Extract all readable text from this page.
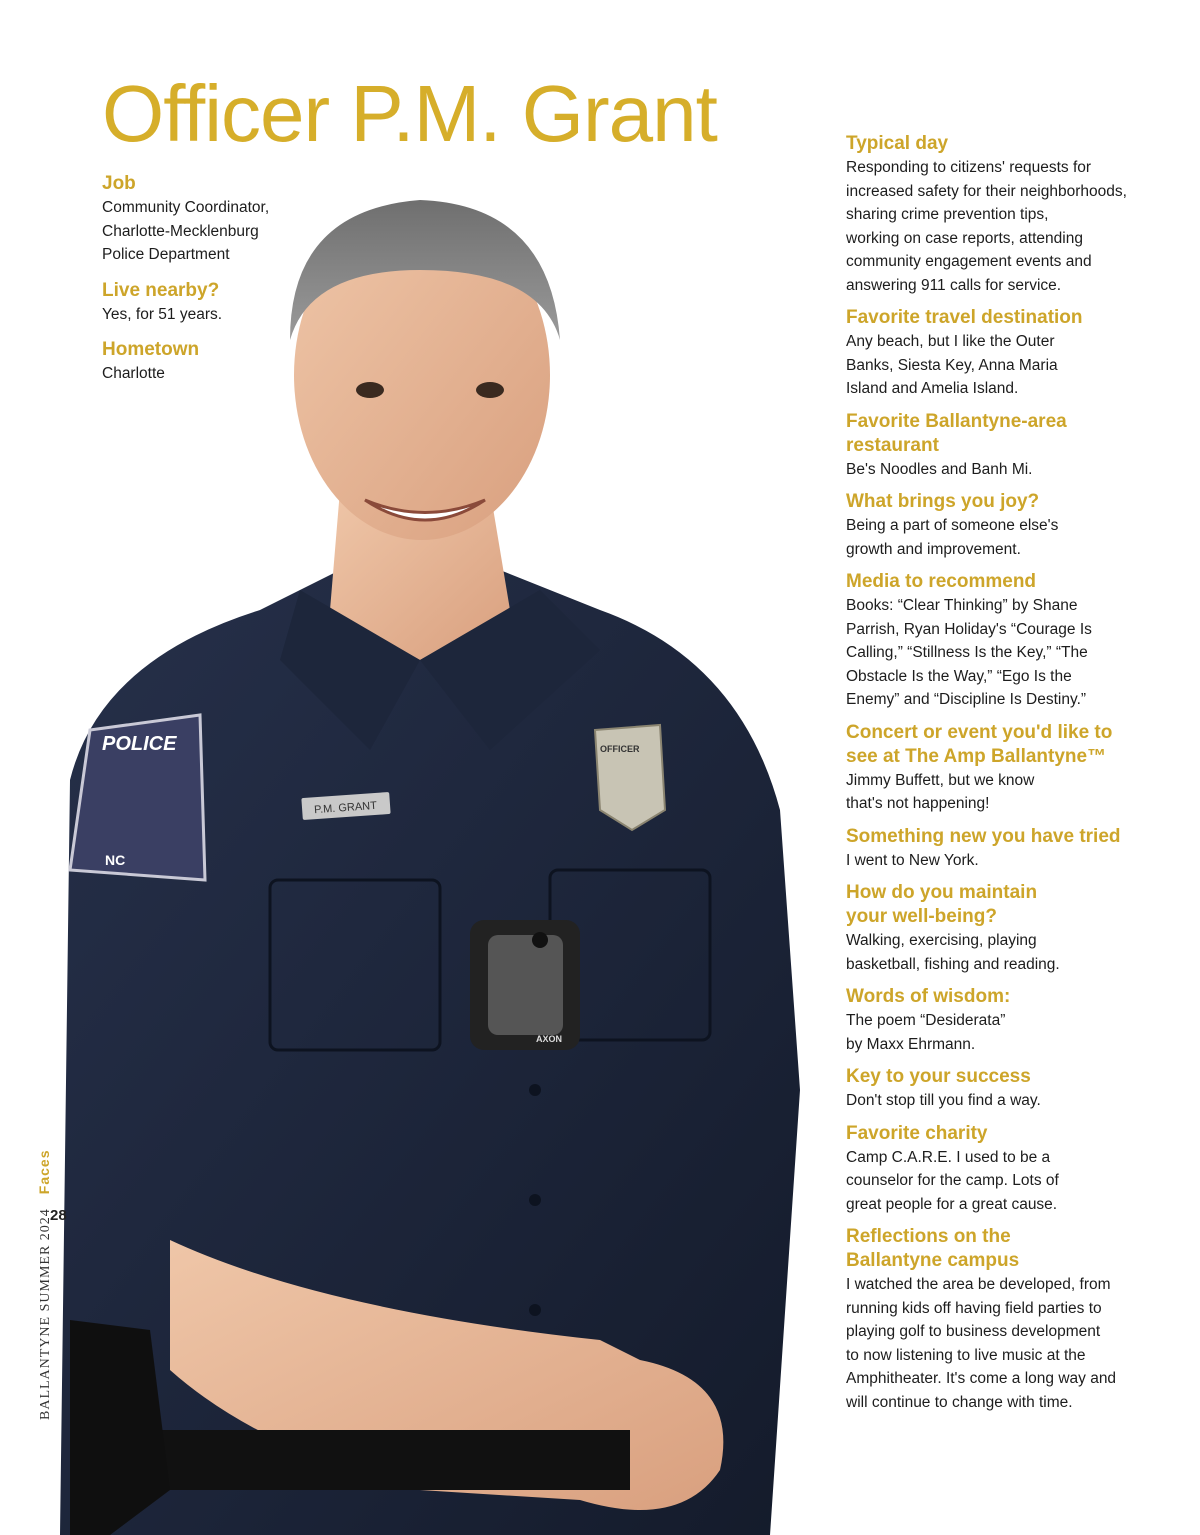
POLICE
NC
P.M. GRANT
OFFICER
AXON
Officer P.M. Grant

Job

Community Coordinator,
Charlotte-Mecklenburg
Police Department

Live nearby?

Yes, for 51 years.

Hometown

Charlotte

Typical day

Responding to citizens' requests for
increased safety for their neighborhoods,
sharing crime prevention tips,
working on case reports, attending
community engagement events and
answering 911 calls for service.

Favorite travel destination

Any beach, but I like the Outer
Banks, Siesta Key, Anna Maria
Island and Amelia Island.

Favorite Ballantyne-area
restaurant

Be's Noodles and Banh Mi.

What brings you joy?

Being a part of someone else's
growth and improvement.

Media to recommend

Books: “Clear Thinking” by Shane
Parrish, Ryan Holiday's “Courage Is
Calling,” “Stillness Is the Key,” “The
Obstacle Is the Way,” “Ego Is the
Enemy” and “Discipline Is Destiny.”

Concert or event you'd like to
see at The Amp Ballantyne™

Jimmy Buffett, but we know
that's not happening!

Something new you have tried

I went to New York.

How do you maintain
your well-being?

Walking, exercising, playing
basketball, fishing and reading.

Words of wisdom:

The poem “Desiderata”
by Maxx Ehrmann.

Key to your success

Don't stop till you find a way.

Favorite charity

Camp C.A.R.E. I used to be a
counselor for the camp. Lots of
great people for a great cause.

Reflections on the
Ballantyne campus

I watched the area be developed, from
running kids off having field parties to
playing golf to business development
to now listening to live music at the
Amphitheater. It's come a long way and
will continue to change with time.

BALLANTYNE SUMMER 2024Faces
28
